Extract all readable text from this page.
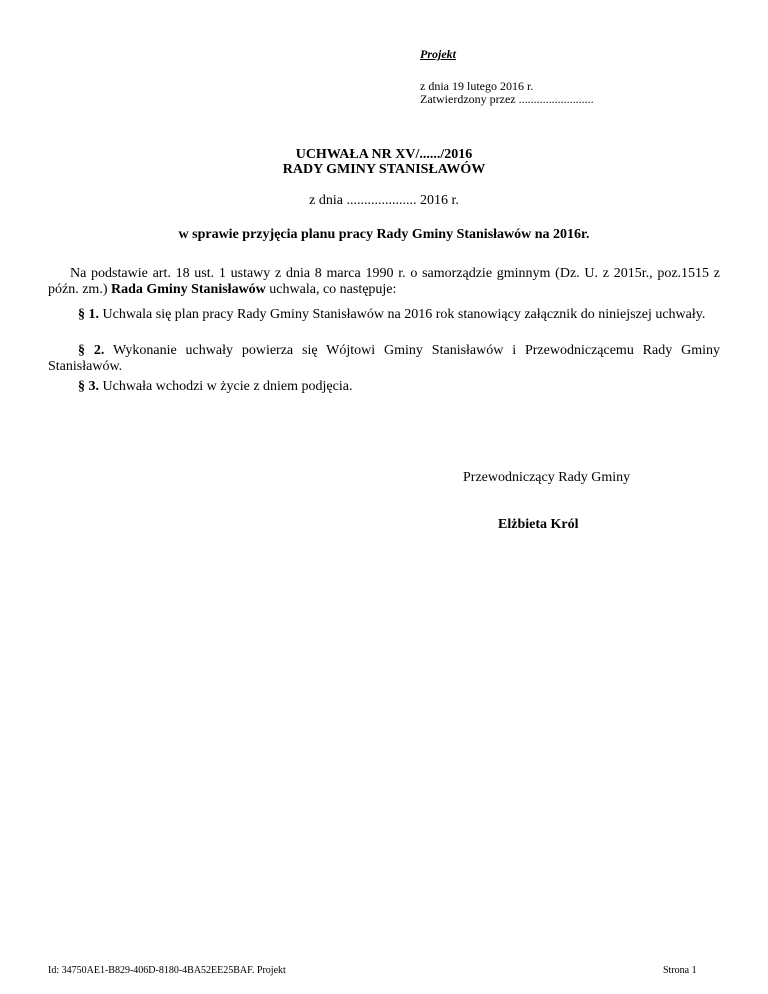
Projekt
z dnia 19 lutego 2016 r.
Zatwierdzony przez .........................
UCHWAŁA NR XV/....../2016
RADY GMINY STANISŁAWÓW
z dnia .................... 2016 r.
w sprawie przyjęcia planu pracy Rady Gminy Stanisławów na 2016r.
Na podstawie art. 18 ust. 1 ustawy z dnia 8 marca 1990 r. o samorządzie gminnym (Dz. U. z 2015r., poz.1515 z późn. zm.) Rada Gminy Stanisławów uchwala, co następuje:
§ 1. Uchwala się plan pracy Rady Gminy Stanisławów na 2016 rok stanowiący załącznik do niniejszej uchwały.
§ 2. Wykonanie uchwały powierza się Wójtowi Gminy Stanisławów i Przewodniczącemu Rady Gminy Stanisławów.
§ 3. Uchwała wchodzi w życie z dniem podjęcia.
Przewodniczący Rady Gminy
Elżbieta Król
Id: 34750AE1-B829-406D-8180-4BA52EE25BAF. Projekt	Strona 1
